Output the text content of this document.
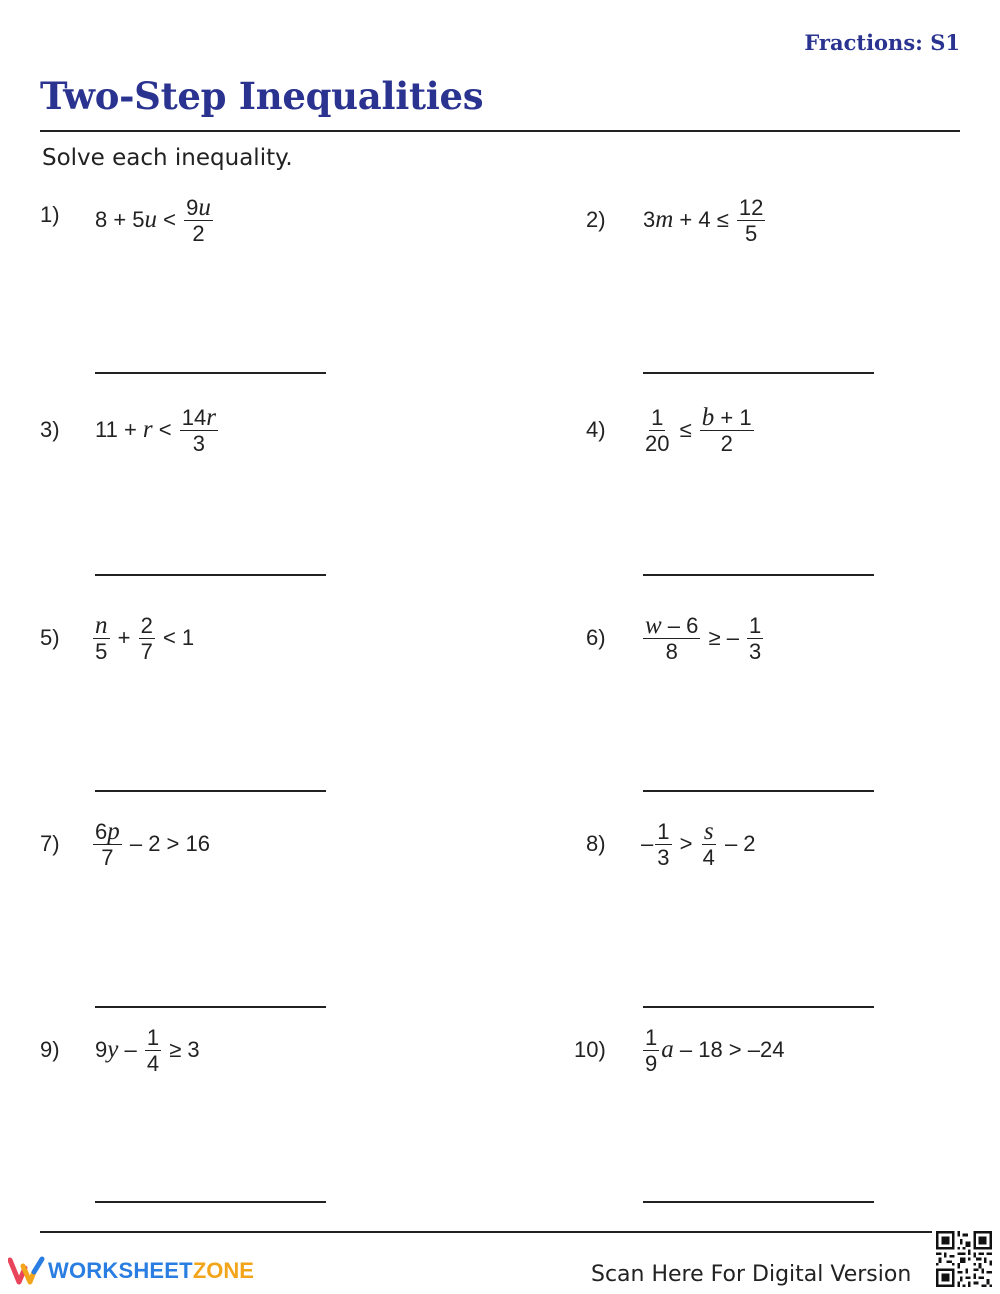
Fractions: S1
Two-Step Inequalities
Solve each inequality.
1) 8 + 5 $u < \frac{9u}{2}$	2) 3 $m + 4 \le \frac{12}{5}$
3) $11 + r < \frac{14r}{3}$	$4) \frac{1}{20} \le \frac{b + 1}{2}$
$5) \frac{n}{5} + \frac{2}{7} < 1$	$6) \frac{w - 6}{8}$ ≥ – $\frac{1}{3}$
$7) \frac{6p}{7} - 2 > 16$	$8) - \frac{1}{3} > \frac{s}{4} - 2$
9) 9 $y - \frac{1}{4} \ge 3$	$10) \frac{1}{9}$ a – 18 > –24
WORKSHEET ZONE	Scan Here For Digital Version
